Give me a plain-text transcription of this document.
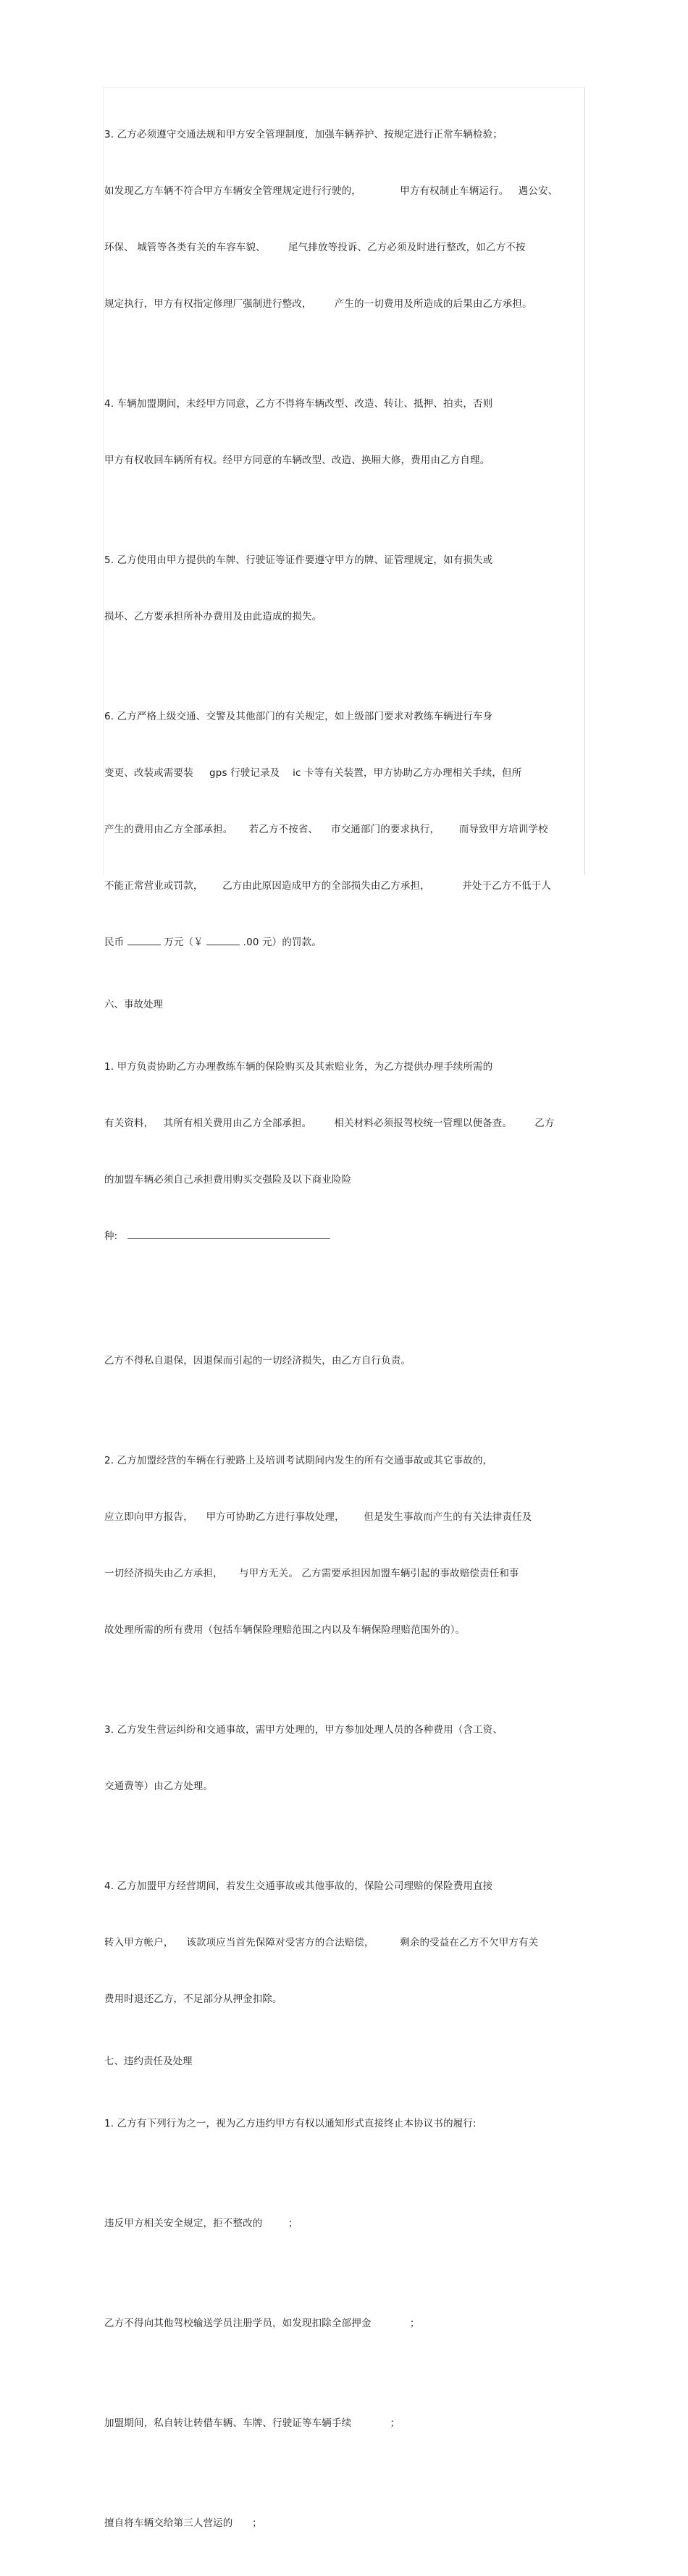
3. 乙方必须遵守交通法规和甲方安全管理制度，加强车辆养护、按规定进行正常车辆检验；

如发现乙方车辆不符合甲方车辆安全管理规定进行行驶的，            甲方有权制止车辆运行。   遇公安、

环保、 城管等各类有关的车容车貌、       尾气排放等投诉、乙方必须及时进行整改，如乙方不按

规定执行，甲方有权指定修理厂强制进行整改，       产生的一切费用及所造成的后果由乙方承担。

4. 车辆加盟期间，未经甲方同意，乙方不得将车辆改型、改造、转让、抵押、拍卖，否则

甲方有权收回车辆所有权。经甲方同意的车辆改型、改造、换厢大修，费用由乙方自理。

5. 乙方使用由甲方提供的车牌、行驶证等证件要遵守甲方的牌、证管理规定，如有损失或

损坏、乙方要承担所补办费用及由此造成的损失。

6. 乙方严格上级交通、交警及其他部门的有关规定，如上级部门要求对教练车辆进行车身

变更、改装或需要装     gps 行驶记录及    ic 卡等有关装置，甲方协助乙方办理相关手续，但所

产生的费用由乙方全部承担。     若乙方不按省、    市交通部门的要求执行，      而导致甲方培训学校

不能正常营业或罚款，      乙方由此原因造成甲方的全部损失由乙方承担，          并处于乙方不低于人

民币	万元（￥	.00 元）的罚款。

六、事故处理

1. 甲方负责协助乙方办理教练车辆的保险购买及其索赔业务，为乙方提供办理手续所需的

有关资料，   其所有相关费用由乙方全部承担。       相关材料必须报驾校统一管理以便备查。       乙方

的加盟车辆必须自己承担费用购买交强险及以下商业险险

种:

乙方不得私自退保，因退保而引起的一切经济损失，由乙方自行负责。

2. 乙方加盟经营的车辆在行驶路上及培训考试期间内发生的所有交通事故或其它事故的，

应立即向甲方报告，    甲方可协助乙方进行事故处理，      但是发生事故而产生的有关法律责任及

一切经济损失由乙方承担，     与甲方无关。 乙方需要承担因加盟车辆引起的事故赔偿责任和事

故处理所需的所有费用（包括车辆保险理赔范围之内以及车辆保险理赔范围外的）。

3. 乙方发生营运纠纷和交通事故，需甲方处理的，甲方参加处理人员的各种费用（含工资、

交通费等）由乙方处理。

4. 乙方加盟甲方经营期间，若发生交通事故或其他事故的，保险公司理赔的保险费用直接

转入甲方帐户，    该款项应当首先保障对受害方的合法赔偿，        剩余的受益在乙方不欠甲方有关

费用时退还乙方，不足部分从押金扣除。

七、违约责任及处理

1. 乙方有下列行为之一，视为乙方违约甲方有权以通知形式直接终止本协议书的履行:

违反甲方相关安全规定，拒不整改的        ；

乙方不得向其他驾校输送学员注册学员，如发现扣除全部押金            ；

加盟期间，私自转让转借车辆、车牌、行驶证等车辆手续            ；

擅自将车辆交给第三人营运的      ；
